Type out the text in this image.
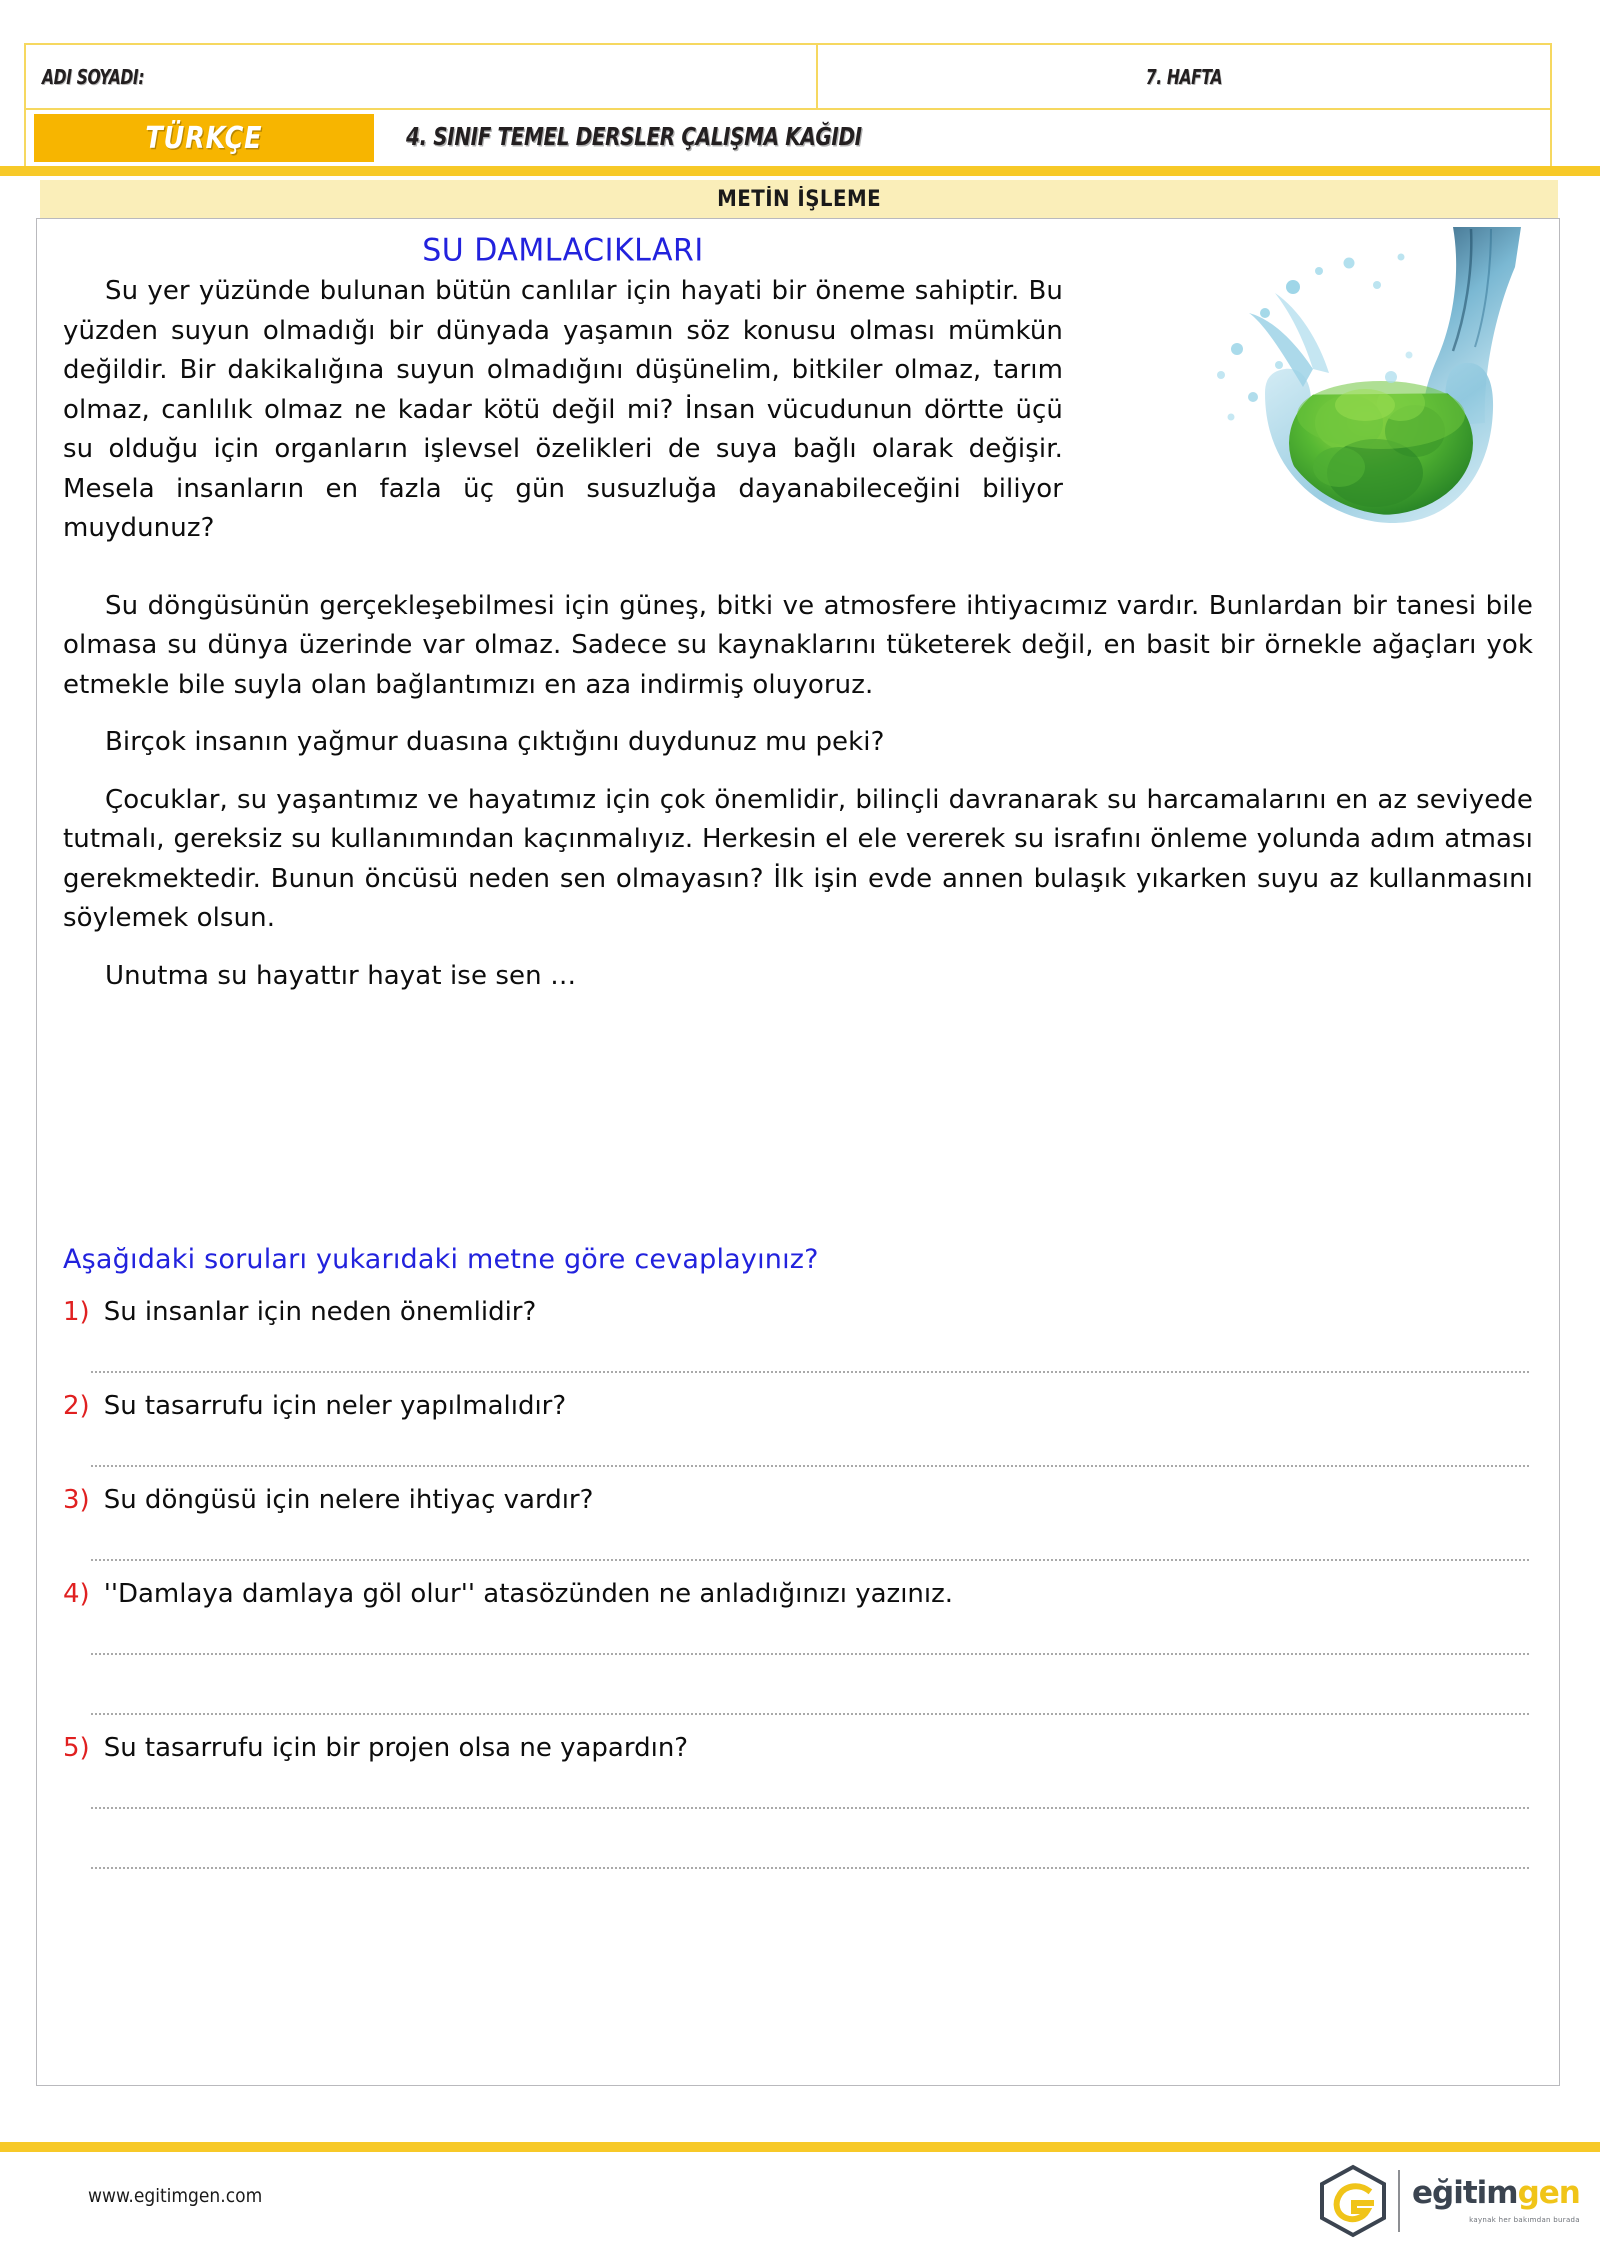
ADI SOYADI:	7. HAFTA
TÜRKÇE	4. SINIF TEMEL DERSLER ÇALIŞMA KAĞIDI
METİN İŞLEME
SU DAMLACIKLARI

Su yer yüzünde bulunan bütün canlılar için hayati bir öneme sahiptir. Bu yüzden suyun olmadığı bir dünyada yaşamın söz konusu olması mümkün değildir. Bir dakikalığına suyun olmadığını düşünelim, bitkiler olmaz, tarım olmaz, canlılık olmaz ne kadar kötü değil mi? İnsan vücudunun dörtte üçü su olduğu için organların işlevsel özelikleri de suya bağlı olarak değişir. Mesela insanların en fazla üç gün susuzluğa dayanabileceğini biliyor muydunuz?

Su döngüsünün gerçekleşebilmesi için güneş, bitki ve atmosfere ihtiyacımız vardır. Bunlardan bir tanesi bile olmasa su dünya üzerinde var olmaz. Sadece su kaynaklarını tüketerek değil, en basit bir örnekle ağaçları yok etmekle bile suyla olan bağlantımızı en aza indirmiş oluyoruz.

Birçok insanın yağmur duasına çıktığını duydunuz mu peki?

Çocuklar, su yaşantımız ve hayatımız için çok önemlidir, bilinçli davranarak su harcamalarını en az seviyede tutmalı, gereksiz su kullanımından kaçınmalıyız. Herkesin el ele vererek su israfını önleme yolunda adım atması gerekmektedir. Bunun öncüsü neden sen olmayasın? İlk işin evde annen bulaşık yıkarken suyu az kullanmasını söylemek olsun.

Unutma su hayattır hayat ise sen …

Aşağıdaki soruları yukarıdaki metne göre cevaplayınız?
1) Su insanlar için neden önemlidir?
2) Su tasarrufu için neler yapılmalıdır?
3) Su döngüsü için nelere ihtiyaç vardır?
4) ''Damlaya damlaya göl olur'' atasözünden ne anladığınızı yazınız.
5) Su tasarrufu için bir projen olsa ne yapardın?
www.egitimgen.com	eğitimgen
kaynak her bakımdan burada
